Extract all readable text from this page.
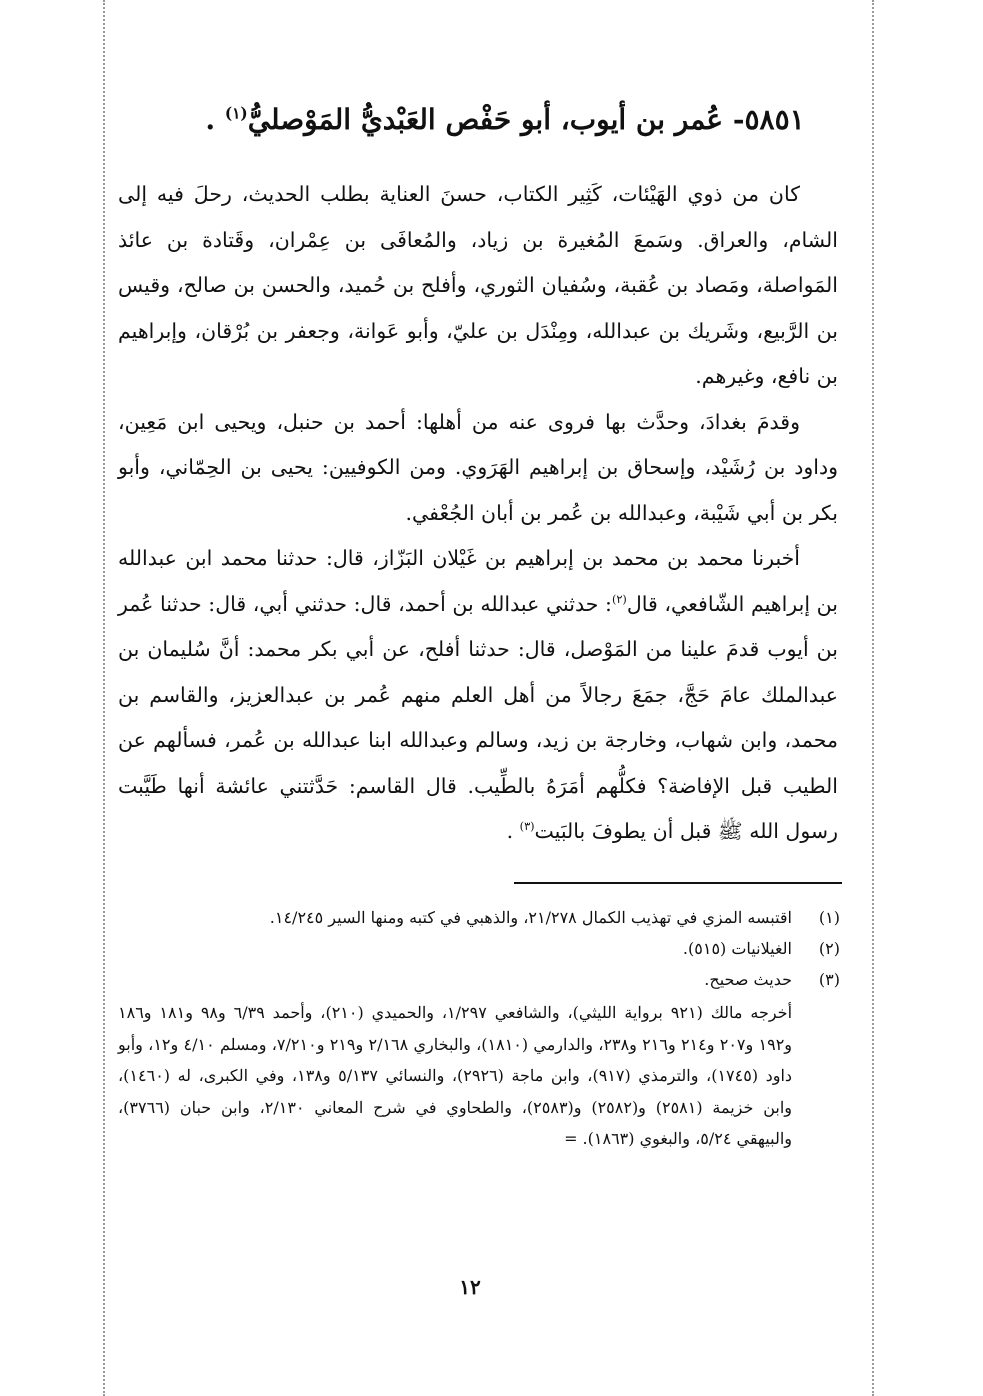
٥٨٥١- عُمر بن أيوب، أبو حَفْص العَبْديُّ المَوْصليُّ$^{(١)}$ .

كان من ذوي الهَيْئات، كَثِير الكتاب، حسنَ العناية بطلب الحديث، رحلَ فيه إلى الشام، والعراق. وسَمعَ المُغيرة بن زياد، والمُعافَى بن عِمْران، وقَتادة بن عائذ المَواصلة، ومَصاد بن عُقبة، وسُفيان الثوري، وأفلح بن حُميد، والحسن بن صالح، وقيس بن الرَّبيع، وشَريك بن عبدالله، ومِنْدَل بن عليّ، وأبو عَوانة، وجعفر بن بُرْقان، وإبراهيم بن نافع، وغيرهم.

وقدمَ بغدادَ، وحدَّث بها فروى عنه من أهلها: أحمد بن حنبل، ويحيى ابن مَعِين، وداود بن رُشَيْد، وإسحاق بن إبراهيم الهَرَوي. ومن الكوفيين: يحيى بن الحِمّاني، وأبو بكر بن أبي شَيْبة، وعبدالله بن عُمر بن أبان الجُعْفي.

أخبرنا محمد بن محمد بن إبراهيم بن غَيْلان البَزّاز، قال: حدثنا محمد ابن عبدالله بن إبراهيم الشّافعي، قال$^{(٢)}$: حدثني عبدالله بن أحمد، قال: حدثني أبي، قال: حدثنا عُمر بن أيوب قدمَ علينا من المَوْصل، قال: حدثنا أفلح، عن أبي بكر محمد: أنَّ سُليمان بن عبدالملك عامَ حَجَّ، جمَعَ رجالاً من أهل العلم منهم عُمر بن عبدالعزيز، والقاسم بن محمد، وابن شهاب، وخارجة بن زيد، وسالم وعبدالله ابنا عبدالله بن عُمر، فسألهم عن الطيب قبل الإفاضة؟ فكلُّهم أمَرَهُ بالطِّيب. قال القاسم: حَدَّثتني عائشة أنها طَيَّبت رسول الله ﷺ قبل أن يطوفَ بالبَيت$^{(٣)}$ .

(١)
اقتبسه المزي في تهذيب الكمال ٢١/٢٧٨، والذهبي في كتبه ومنها السير ١٤/٢٤٥.
(٢)
الغيلانيات (٥١٥).
(٣)
حديث صحيح.

أخرجه مالك (٩٢١ برواية الليثي)، والشافعي ١/٢٩٧، والحميدي (٢١٠)، وأحمد ٦/٣٩ و٩٨ و١٨١ و١٨٦ و١٩٢ و٢٠٧ و٢١٤ و٢١٦ و٢٣٨، والدارمي (١٨١٠)، والبخاري ٢/١٦٨ و٢١٩ و٧/٢١٠، ومسلم ٤/١٠ و١٢، وأبو داود (١٧٤٥)، والترمذي (٩١٧)، وابن ماجة (٢٩٢٦)، والنسائي ٥/١٣٧ و١٣٨، وفي الكبرى، له (١٤٦٠)، وابن خزيمة (٢٥٨١) و(٢٥٨٢) و(٢٥٨٣)، والطحاوي في شرح المعاني ٢/١٣٠، وابن حبان (٣٧٦٦)، والبيهقي ٥/٢٤، والبغوي (١٨٦٣). =

١٢
